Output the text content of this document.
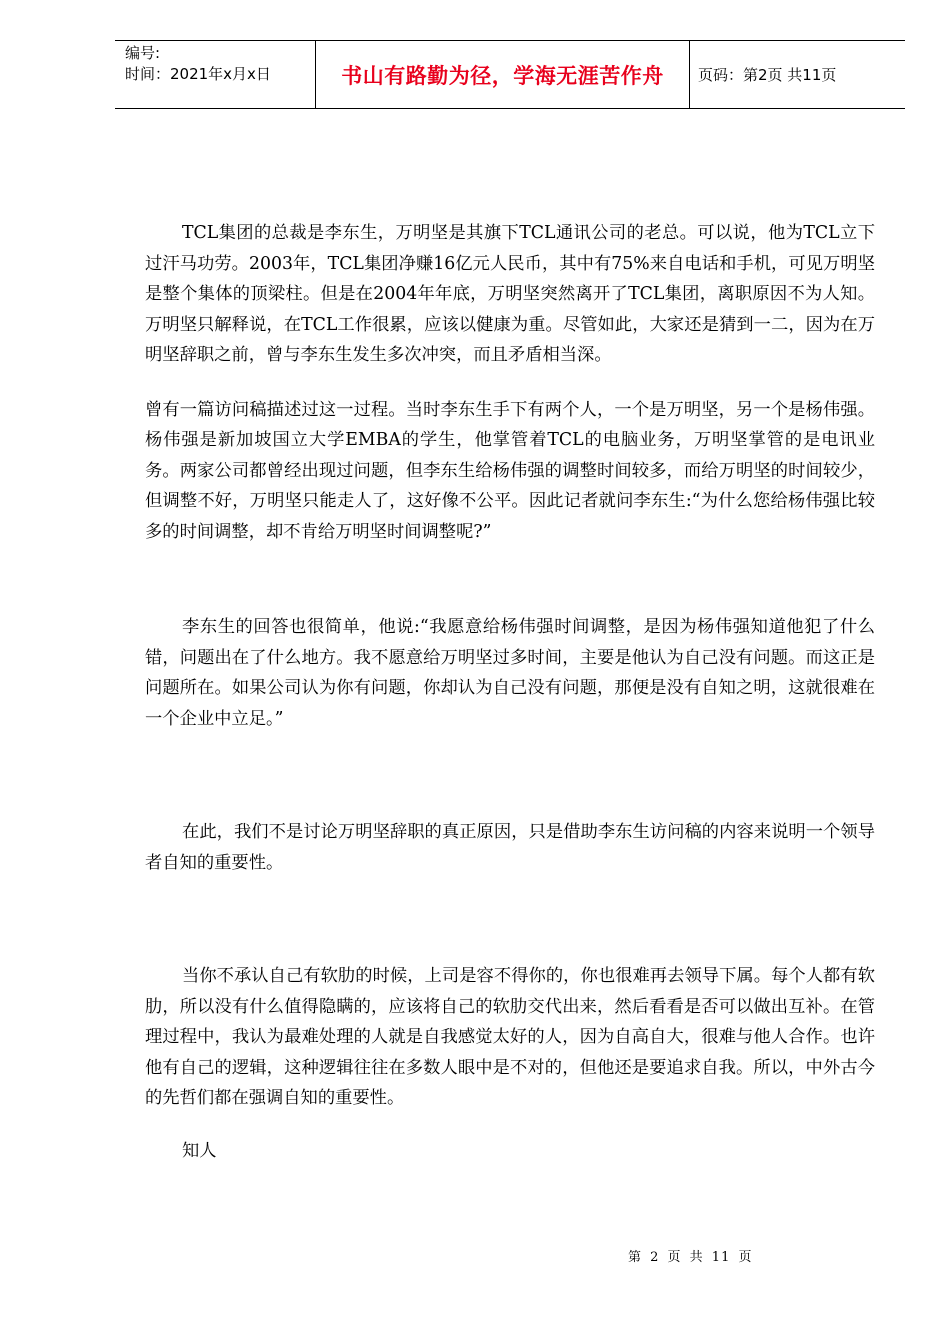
编号:
时间：2021年x月x日	书山有路勤为径，学海无涯苦作舟	页码：第2页 共11页

TCL集团的总裁是李东生，万明坚是其旗下TCL通讯公司的老总。可以说，他为TCL立下过汗马功劳。2003年，TCL集团净赚16亿元人民币，其中有75%来自电话和手机，可见万明坚是整个集体的顶梁柱。但是在2004年年底，万明坚突然离开了TCL集团，离职原因不为人知。万明坚只解释说，在TCL工作很累，应该以健康为重。尽管如此，大家还是猜到一二，因为在万明坚辞职之前，曾与李东生发生多次冲突，而且矛盾相当深。

曾有一篇访问稿描述过这一过程。当时李东生手下有两个人，一个是万明坚，另一个是杨伟强。杨伟强是新加坡国立大学EMBA的学生，他掌管着TCL的电脑业务，万明坚掌管的是电讯业务。两家公司都曾经出现过问题，但李东生给杨伟强的调整时间较多，而给万明坚的时间较少，但调整不好，万明坚只能走人了，这好像不公平。因此记者就问李东生:“为什么您给杨伟强比较多的时间调整，却不肯给万明坚时间调整呢?”

李东生的回答也很简单，他说:“我愿意给杨伟强时间调整，是因为杨伟强知道他犯了什么错，问题出在了什么地方。我不愿意给万明坚过多时间，主要是他认为自己没有问题。而这正是问题所在。如果公司认为你有问题，你却认为自己没有问题，那便是没有自知之明，这就很难在一个企业中立足。”

在此，我们不是讨论万明坚辞职的真正原因，只是借助李东生访问稿的内容来说明一个领导者自知的重要性。

当你不承认自己有软肋的时候，上司是容不得你的，你也很难再去领导下属。每个人都有软肋，所以没有什么值得隐瞒的，应该将自己的软肋交代出来，然后看看是否可以做出互补。在管理过程中，我认为最难处理的人就是自我感觉太好的人，因为自高自大，很难与他人合作。也许他有自己的逻辑，这种逻辑往往在多数人眼中是不对的，但他还是要追求自我。所以，中外古今的先哲们都在强调自知的重要性。

知人

第 2 页 共 11 页
